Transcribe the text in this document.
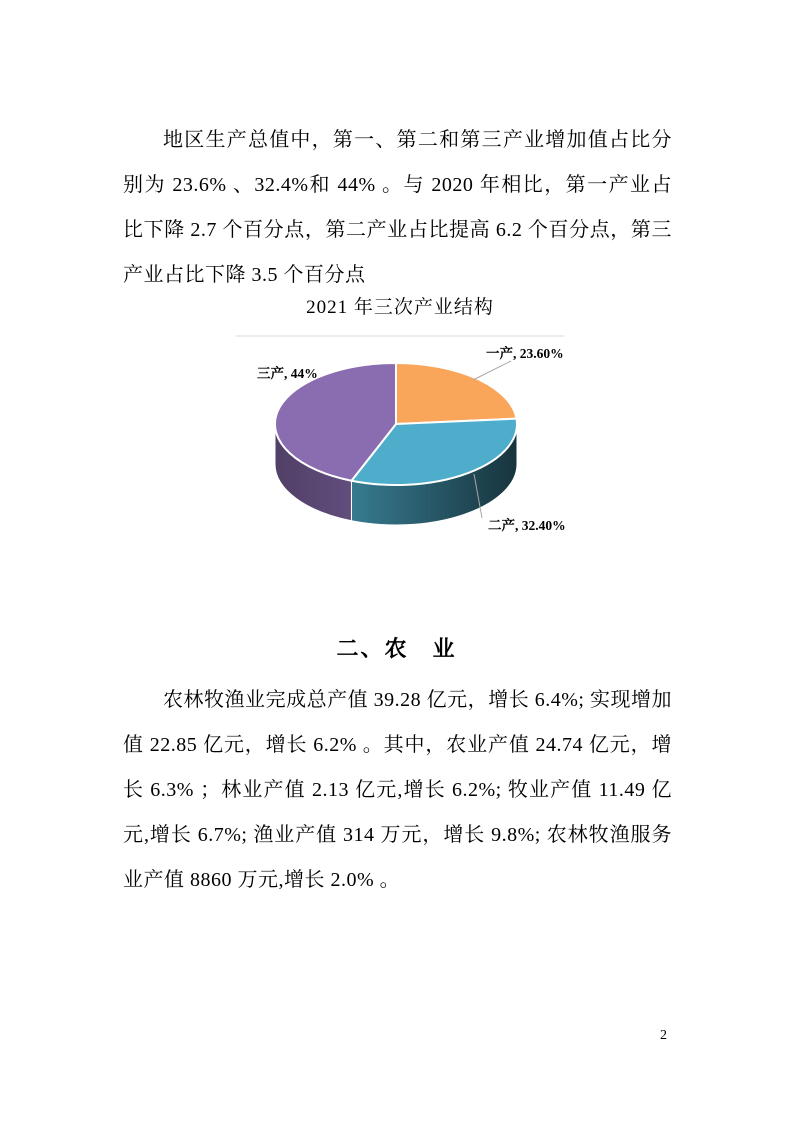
地区生产总值中，第一、第二和第三产业增加值占比分别为 23.6% 、32.4%和 44% 。与 2020 年相比，第一产业占比下降 2.7 个百分点，第二产业占比提高 6.2 个百分点，第三产业占比下降 3.5 个百分点

2021 年三次产业结构
一产, 23.60%
三产, 44%
二产, 32.40%
二、农　业

农林牧渔业完成总产值 39.28 亿元，增长 6.4%; 实现增加值 22.85 亿元，增长 6.2% 。其中，农业产值 24.74 亿元，增长 6.3% ；林业产值 2.13 亿元,增长 6.2%; 牧业产值 11.49 亿元,增长 6.7%; 渔业产值 314 万元，增长 9.8%; 农林牧渔服务业产值 8860 万元,增长 2.0% 。

2
